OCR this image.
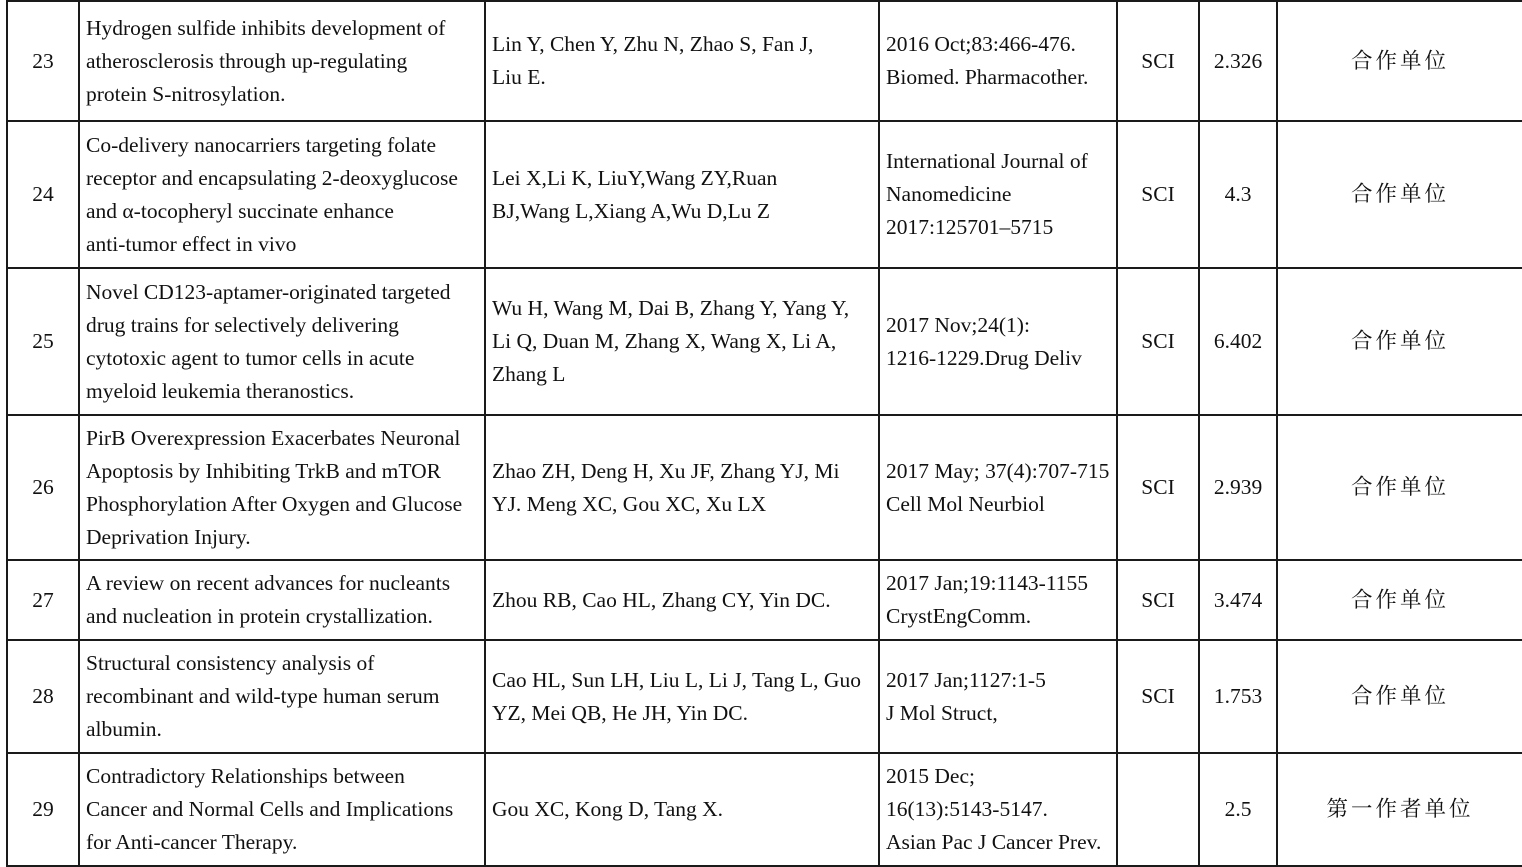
23	Hydrogen sulfide inhibits development of
atherosclerosis through up-regulating
protein S-nitrosylation.	Lin Y, Chen Y, Zhu N, Zhao S, Fan J,
Liu E.	2016 Oct;83:466-476.
Biomed. Pharmacother.	SCI	2.326	合作单位
24	Co-delivery nanocarriers targeting folate
receptor and encapsulating 2-deoxyglucose
and α-tocopheryl succinate enhance
anti-tumor effect in vivo	Lei X,Li K, LiuY,Wang ZY,Ruan
BJ,Wang L,Xiang A,Wu D,Lu Z	International Journal of
Nanomedicine
2017:125701–5715	SCI	4.3	合作单位
25	Novel CD123-aptamer-originated targeted
drug trains for selectively delivering
cytotoxic agent to tumor cells in acute
myeloid leukemia theranostics.	Wu H, Wang M, Dai B, Zhang Y, Yang Y,
Li Q, Duan M, Zhang X, Wang X, Li A,
Zhang L	2017 Nov;24(1):
1216-1229.Drug Deliv	SCI	6.402	合作单位
26	PirB Overexpression Exacerbates Neuronal
Apoptosis by Inhibiting TrkB and mTOR
Phosphorylation After Oxygen and Glucose
Deprivation Injury.	Zhao ZH, Deng H, Xu JF, Zhang YJ, Mi
YJ. Meng XC, Gou XC, Xu LX	2017 May; 37(4):707-715
Cell Mol Neurbiol	SCI	2.939	合作单位
27	A review on recent advances for nucleants
and nucleation in protein crystallization.	Zhou RB, Cao HL, Zhang CY, Yin DC.	2017 Jan;19:1143-1155
CrystEngComm.	SCI	3.474	合作单位
28	Structural consistency analysis of
recombinant and wild-type human serum
albumin.	Cao HL, Sun LH, Liu L, Li J, Tang L, Guo
YZ, Mei QB, He JH, Yin DC.	2017 Jan;1127:1-5
J Mol Struct,	SCI	1.753	合作单位
29	Contradictory Relationships between
Cancer and Normal Cells and Implications
for Anti-cancer Therapy.	Gou XC, Kong D, Tang X.	2015 Dec;
16(13):5143-5147.
Asian Pac J Cancer Prev.		2.5	第一作者单位
